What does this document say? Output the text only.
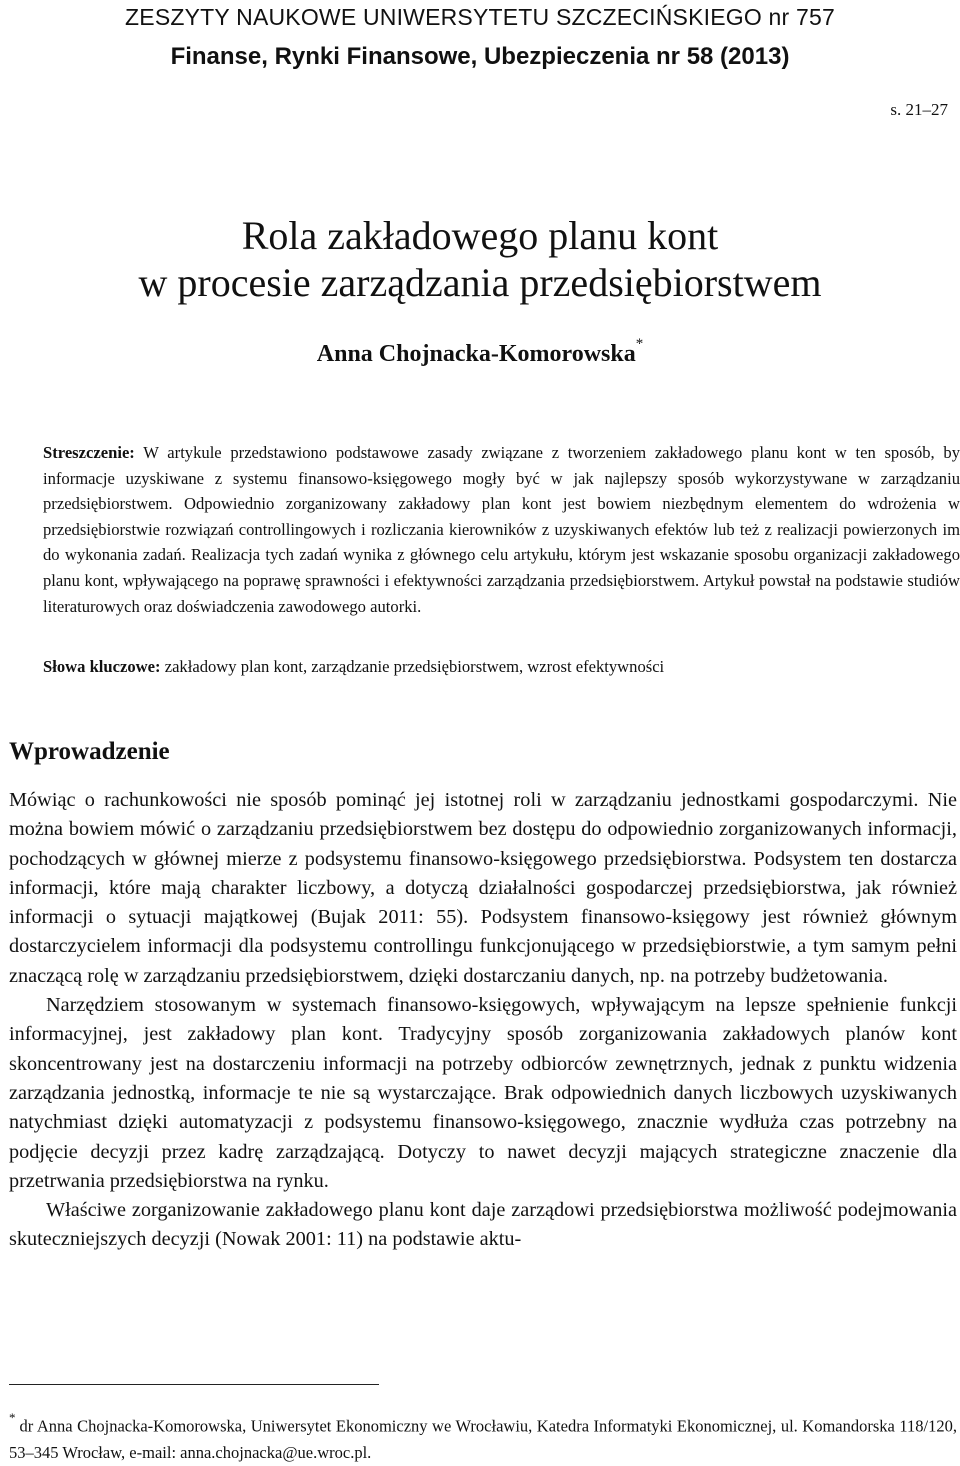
ZESZYTY NAUKOWE UNIWERSYTETU SZCZECIŃSKIEGO nr 757
Finanse, Rynki Finansowe, Ubezpieczenia nr 58 (2013)
s. 21–27
Rola zakładowego planu kont
w procesie zarządzania przedsiębiorstwem
Anna Chojnacka-Komorowska*
Streszczenie: W artykule przedstawiono podstawowe zasady związane z tworzeniem zakładowego planu kont w ten sposób, by informacje uzyskiwane z systemu finansowo-księgowego mogły być w jak najlepszy sposób wykorzystywane w zarządzaniu przedsiębiorstwem. Odpowiednio zorganizowany zakładowy plan kont jest bowiem niezbędnym elementem do wdrożenia w przedsiębiorstwie rozwiązań controllingowych i rozliczania kierowników z uzyskiwanych efektów lub też z realizacji powierzonych im do wykonania zadań. Realizacja tych zadań wynika z głównego celu artykułu, którym jest wskazanie sposobu organizacji zakładowego planu kont, wpływającego na poprawę sprawności i efektywności zarządzania przedsiębiorstwem. Artykuł powstał na podstawie studiów literaturowych oraz doświadczenia zawodowego autorki.
Słowa kluczowe: zakładowy plan kont, zarządzanie przedsiębiorstwem, wzrost efektywności
Wprowadzenie

Mówiąc o rachunkowości nie sposób pominąć jej istotnej roli w zarządzaniu jednostkami gospodarczymi. Nie można bowiem mówić o zarządzaniu przedsiębiorstwem bez dostępu do odpowiednio zorganizowanych informacji, pochodzących w głównej mierze z podsystemu finansowo-księgowego przedsiębiorstwa. Podsystem ten dostarcza informacji, które mają charakter liczbowy, a dotyczą działalności gospodarczej przedsiębiorstwa, jak również informacji o sytuacji majątkowej (Bujak 2011: 55). Podsystem finansowo-księgowy jest również głównym dostarczycielem informacji dla podsystemu controllingu funkcjonującego w przedsiębiorstwie, a tym samym pełni znaczącą rolę w zarządzaniu przedsiębiorstwem, dzięki dostarczaniu danych, np. na potrzeby budżetowania.

Narzędziem stosowanym w systemach finansowo-księgowych, wpływającym na lepsze spełnienie funkcji informacyjnej, jest zakładowy plan kont. Tradycyjny sposób zorganizowania zakładowych planów kont skoncentrowany jest na dostarczeniu informacji na potrzeby odbiorców zewnętrznych, jednak z punktu widzenia zarządzania jednostką, informacje te nie są wystarczające. Brak odpowiednich danych liczbowych uzyskiwanych natychmiast dzięki automatyzacji z podsystemu finansowo-księgowego, znacznie wydłuża czas potrzebny na podjęcie decyzji przez kadrę zarządzającą. Dotyczy to nawet decyzji mających strategiczne znaczenie dla przetrwania przedsiębiorstwa na rynku.

Właściwe zorganizowanie zakładowego planu kont daje zarządowi przedsiębiorstwa możliwość podejmowania skuteczniejszych decyzji (Nowak 2001: 11) na podstawie aktu-

* dr Anna Chojnacka-Komorowska, Uniwersytet Ekonomiczny we Wrocławiu, Katedra Informatyki Ekonomicznej, ul. Komandorska 118/120, 53–345 Wrocław, e-mail: anna.chojnacka@ue.wroc.pl.
